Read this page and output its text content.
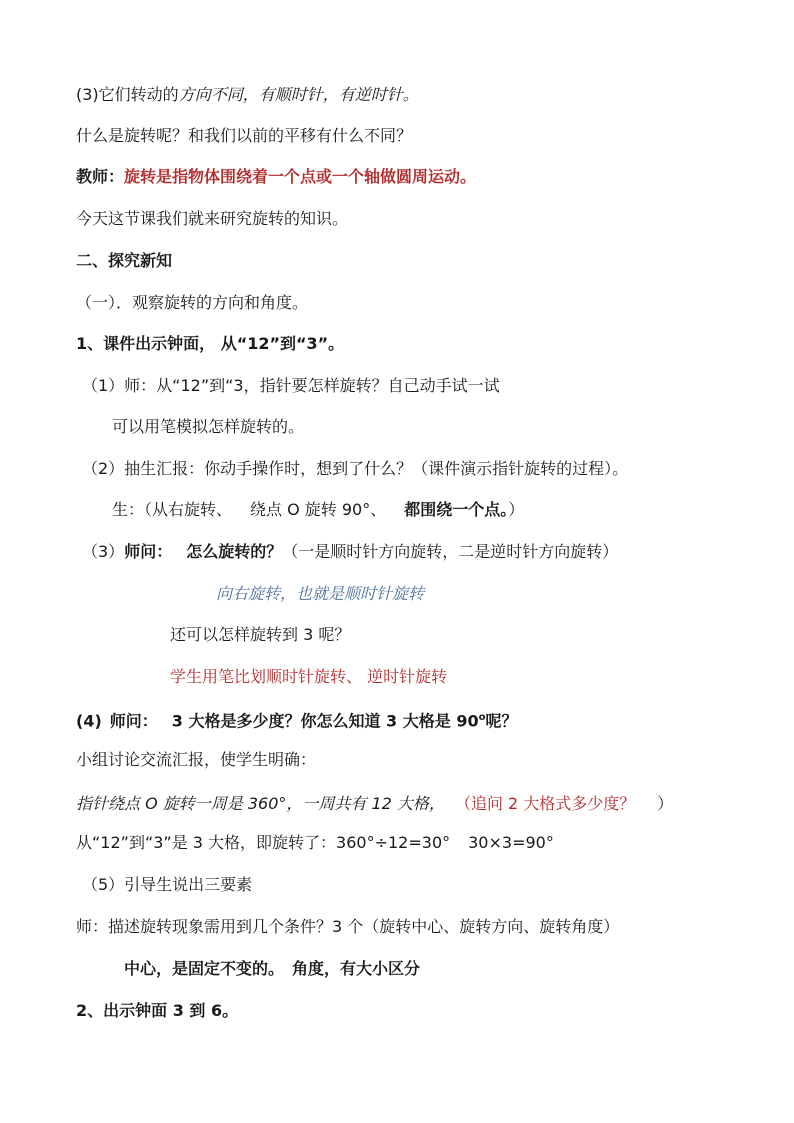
(3)它们转动的方向不同，有顺时针，有逆时针。
什么是旋转呢？和我们以前的平移有什么不同？
教师：旋转是指物体围绕着一个点或一个轴做圆周运动。
今天这节课我们就来研究旋转的知识。
二、探究新知
（一）．观察旋转的方向和角度。
1、课件出示钟面， 从“12”到“3”。
（1）师：从“12”到“3，指针要怎样旋转？自己动手试一试
可以用笔模拟怎样旋转的。
（2）抽生汇报：你动手操作时，想到了什么？（课件演示指针旋转的过程）。
生：（从右旋转、 绕点 O 旋转 90°、 都围绕一个点。）
（3）师问： 怎么旋转的？（一是顺时针方向旋转，二是逆时针方向旋转）
向右旋转，也就是顺时针旋转
还可以怎样旋转到 3 呢？
学生用笔比划顺时针旋转、 逆时针旋转
(4) 师问： 3 大格是多少度？你怎么知道 3 大格是 90$^o$呢？
小组讨论交流汇报，使学生明确：
指针绕点 O 旋转一周是 360°，一周共有 12 大格， （追问 2 大格式多少度？ ）
从“12”到“3”是 3 大格，即旋转了：360°÷12=30° 30×3=90°
（5）引导生说出三要素
师：描述旋转现象需用到几个条件？3 个（旋转中心、旋转方向、旋转角度）
中心，是固定不变的。 角度，有大小区分
2、出示钟面 3 到 6。
